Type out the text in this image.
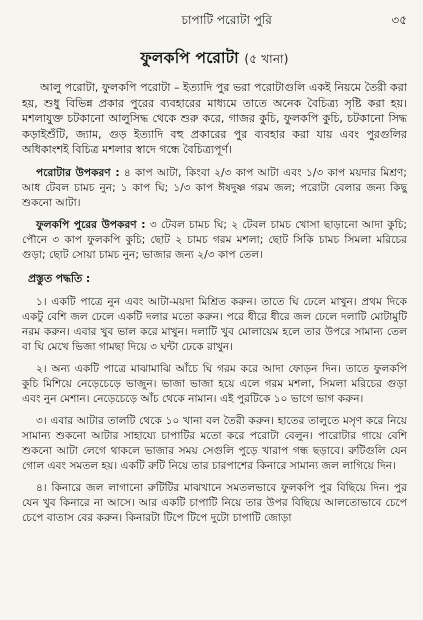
চাপাটি পরোটা পুরি	৩৫
ফুলকপি পরোটা (৫ খানা)

আলু পরোটা, ফুলকপি পরোটা – ইত্যাদি পুর ভরা পরোটাগুলি একই নিয়মে তৈরী করা হয়, শুধু বিভিন্ন প্রকার পুরের ব্যবহারের মাধ্যমে তাতে অনেক বৈচিত্র্য সৃষ্টি করা হয়। মশলাযুক্ত চটকানো আলুসিদ্ধ থেকে শুরু করে, গাজর কুচি, ফুলকপি কুচি, চটকানো সিদ্ধ কড়াইশুঁটি, জ্যাম, গুড় ইত্যাদি বহু প্রকারের পুর ব্যবহার করা যায় এবং পুরগুলির অধিকাংশই বিচিত্র মশলার স্বাদে গন্ধে বৈচিত্র্যপূর্ণ।

পরোটার উপকরণ : ৪ কাপ আটা, কিংবা ২/৩ কাপ আটা এবং ১/৩ কাপ ময়দার মিশ্রণ; আধ টেবল চামচ নুন; ১ কাপ ঘি; ১/৩ কাপ ঈষদুষ্ণ গরম জল; পরোটা বেলার জন্য কিছু শুকনো আটা।

ফুলকপি পুরের উপকরণ : ৩ টেবল চামচ ঘি; ২ টেবল চামচ খোসা ছাড়ানো আদা কুচি; পৌনে ৩ কাপ ফুলকপি কুচি; ছোট ২ চামচ গরম মশলা; ছোট সিকি চামচ সিমলা মরিচের গুড়া; ছোট সোয়া চামচ নুন; ভাজার জন্য ২/৩ কাপ তেল।

প্রস্তুত পদ্ধতি :

১। একটি পাত্রে নুন এবং আটা-ময়দা মিশ্রিত করুন। তাতে ঘি ঢেলে মাখুন। প্রথম দিকে একটু বেশি জল ঢেলে একটি দলার মতো করুন। পরে ধীরে ধীরে জল ঢেলে দলাটি মোটামুটি নরম করুন। এবার খুব ভাল করে মাখুন। দলাটি খুব মোলায়েম হলে তার উপরে সামান্য তেল বা ঘি মেখে ভিজা গামছা দিয়ে ৩ ঘন্টা ঢেকে রাখুন।

২। অন্য একটি পাত্রে মাঝামাঝি আঁচে ঘি গরম করে আদা ফোড়ন দিন। তাতে ফুলকপি কুচি মিশিয়ে নেড়েচেড়ে ভাজুন। ভাজা ভাজা হয়ে এলে গরম মশলা, সিমলা মরিচের গুড়া এবং নুন মেশান। নেড়েচেড়ে আঁচ থেকে নামান। এই পুরটিকে ১০ ভাগে ভাগ করুন।

৩। এবার আটার তালটি থেকে ১০ খানা বল তৈরী করুন। হাতের তালুতে মসৃণ করে নিয়ে সামান্য শুকনো আটার সাহায্যে চাপাটির মতো করে পরোটা বেলুন। পারোটার গায়ে বেশি শুকনো আটা লেগে থাকলে ভাজার সময় সেগুলি পুড়ে খারাপ গন্ধ ছড়াবে। রুটিগুলি যেন গোল এবং সমতল হয়। একটি রুটি নিয়ে তার চারপাশের কিনারে সামান্য জল লাগিয়ে দিন।

৪। কিনারে জল লাগানো রুটিটির মাঝখানে সমতলভাবে ফুলকপি পুর বিছিয়ে দিন। পুর যেন খুব কিনারে না আসে। আর একটি চাপাটি নিয়ে তার উপর বিছিয়ে আলতোভাবে চেপে চেপে বাতাস বের করুন। কিনারটা টিপে টিপে দুটো চাপাটি জোড়া
